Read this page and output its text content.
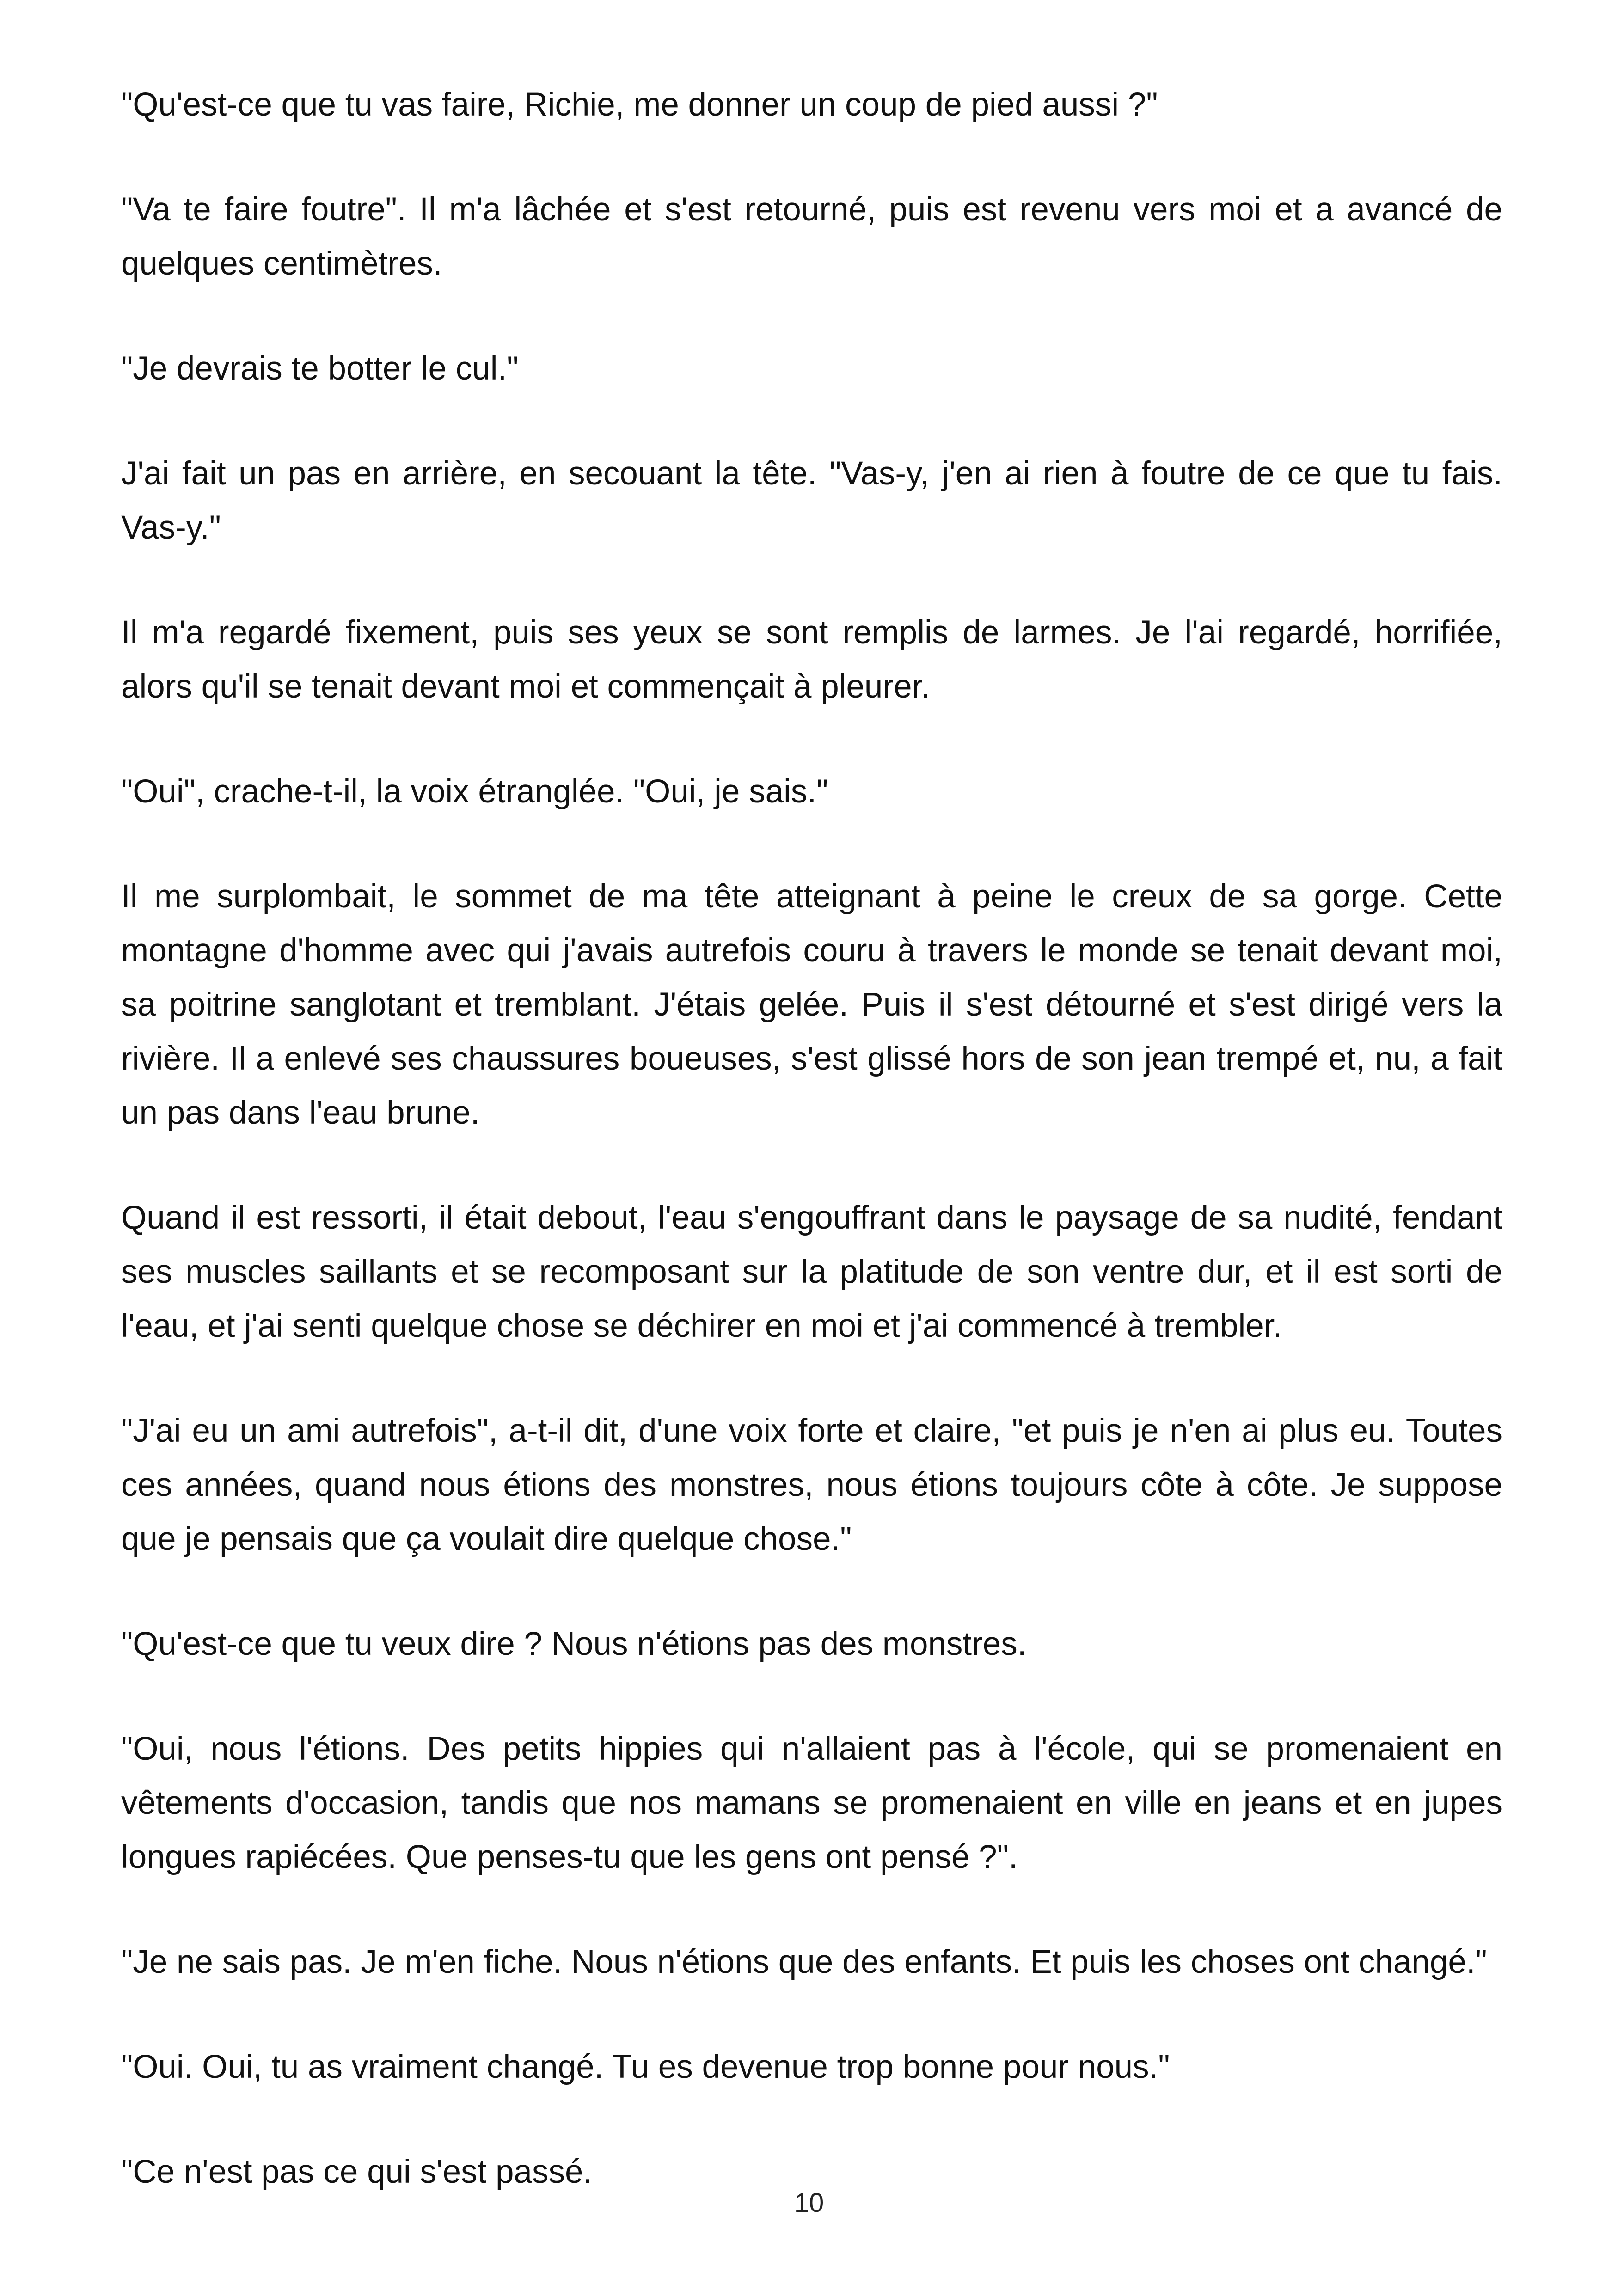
"Qu'est-ce que tu vas faire, Richie, me donner un coup de pied aussi ?"

"Va te faire foutre". Il m'a lâchée et s'est retourné, puis est revenu vers moi et a avancé de quelques centimètres.

"Je devrais te botter le cul."

J'ai fait un pas en arrière, en secouant la tête. "Vas-y, j'en ai rien à foutre de ce que tu fais. Vas-y."

Il m'a regardé fixement, puis ses yeux se sont remplis de larmes. Je l'ai regardé, horrifiée, alors qu'il se tenait devant moi et commençait à pleurer.

"Oui", crache-t-il, la voix étranglée. "Oui, je sais."

Il me surplombait, le sommet de ma tête atteignant à peine le creux de sa gorge. Cette montagne d'homme avec qui j'avais autrefois couru à travers le monde se tenait devant moi, sa poitrine sanglotant et tremblant. J'étais gelée. Puis il s'est détourné et s'est dirigé vers la rivière. Il a enlevé ses chaussures boueuses, s'est glissé hors de son jean trempé et, nu, a fait un pas dans l'eau brune.

Quand il est ressorti, il était debout, l'eau s'engouffrant dans le paysage de sa nudité, fendant ses muscles saillants et se recomposant sur la platitude de son ventre dur, et il est sorti de l'eau, et j'ai senti quelque chose se déchirer en moi et j'ai commencé à trembler.

"J'ai eu un ami autrefois", a-t-il dit, d'une voix forte et claire, "et puis je n'en ai plus eu. Toutes ces années, quand nous étions des monstres, nous étions toujours côte à côte. Je suppose que je pensais que ça voulait dire quelque chose."

"Qu'est-ce que tu veux dire ? Nous n'étions pas des monstres.

"Oui, nous l'étions. Des petits hippies qui n'allaient pas à l'école, qui se promenaient en vêtements d'occasion, tandis que nos mamans se promenaient en ville en jeans et en jupes longues rapiécées. Que penses-tu que les gens ont pensé ?".

"Je ne sais pas. Je m'en fiche. Nous n'étions que des enfants. Et puis les choses ont changé."

"Oui. Oui, tu as vraiment changé. Tu es devenue trop bonne pour nous."

"Ce n'est pas ce qui s'est passé.

10
